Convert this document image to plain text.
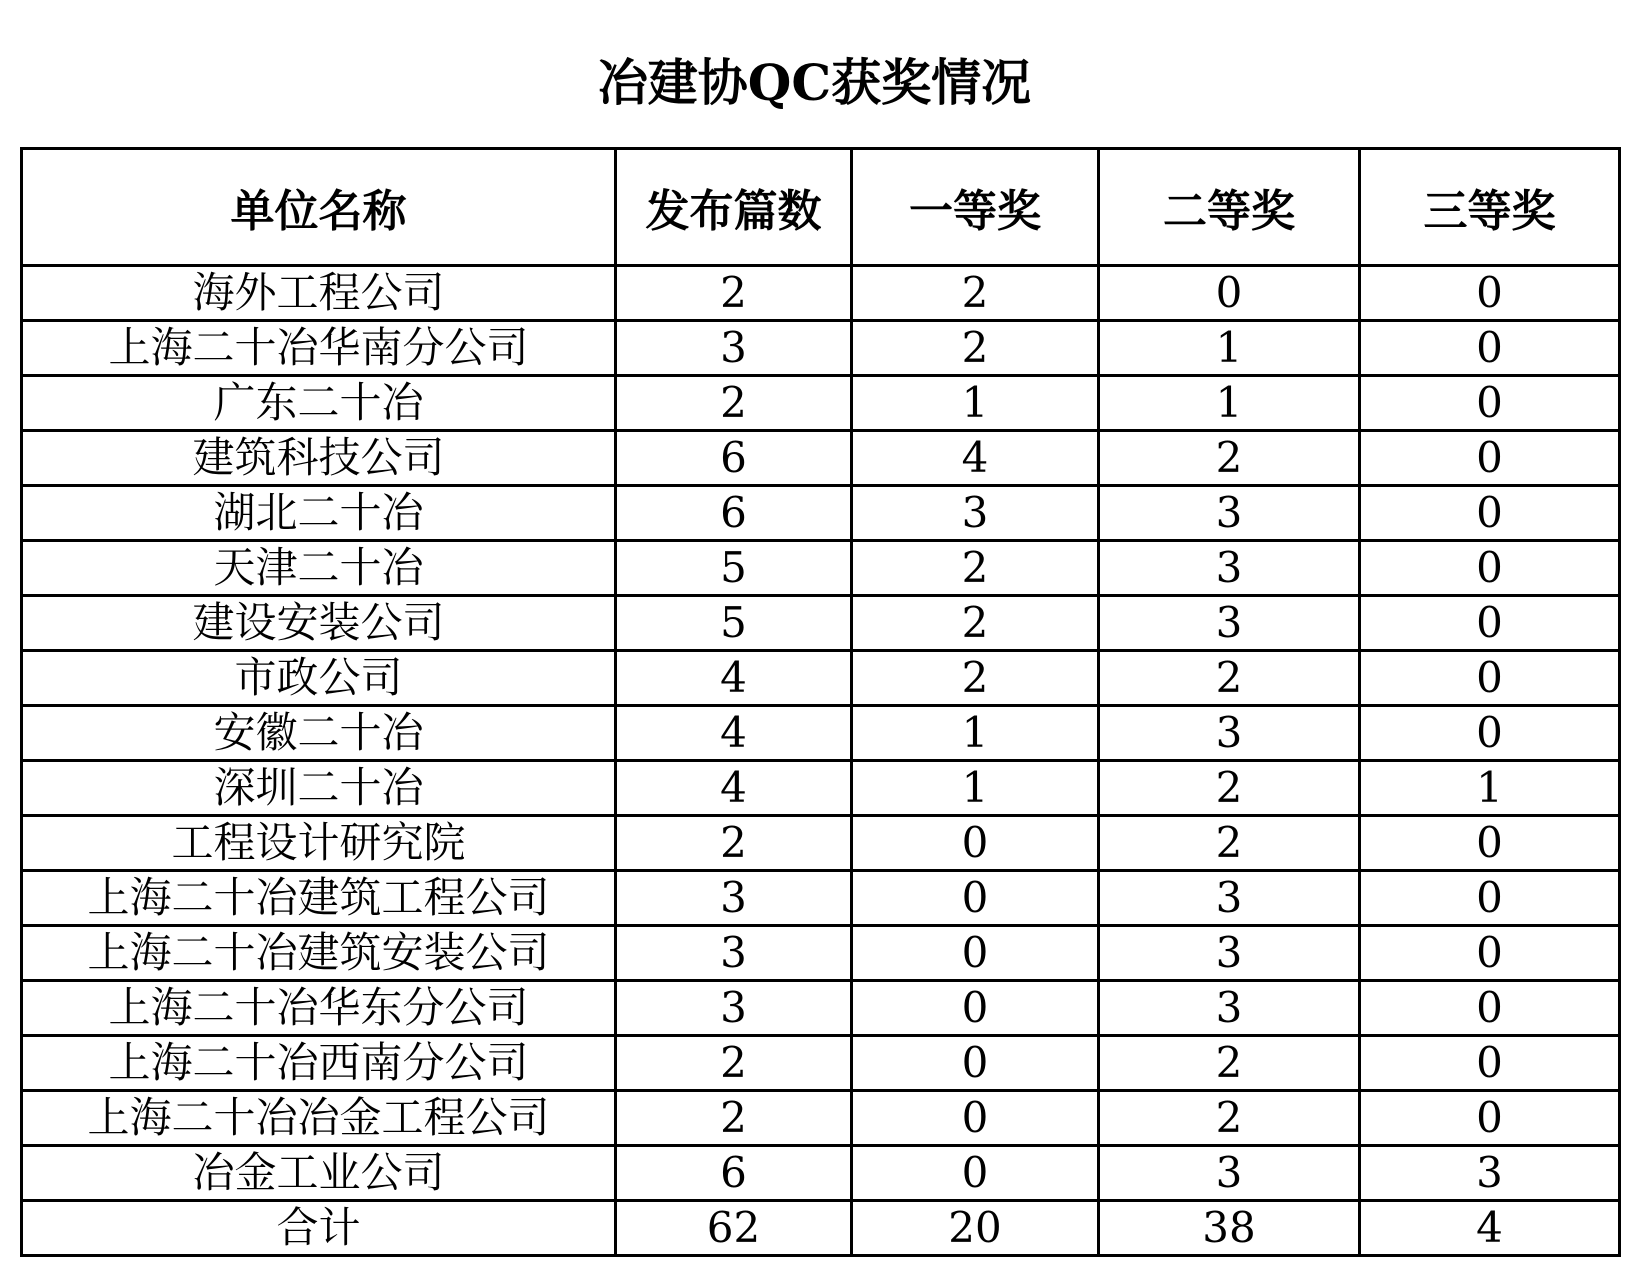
冶建协QC获奖情况
单位名称	发布篇数	一等奖	二等奖	三等奖
海外工程公司	2	2	0	0
上海二十冶华南分公司	3	2	1	0
广东二十冶	2	1	1	0
建筑科技公司	6	4	2	0
湖北二十冶	6	3	3	0
天津二十冶	5	2	3	0
建设安装公司	5	2	3	0
市政公司	4	2	2	0
安徽二十冶	4	1	3	0
深圳二十冶	4	1	2	1
工程设计研究院	2	0	2	0
上海二十冶建筑工程公司	3	0	3	0
上海二十冶建筑安装公司	3	0	3	0
上海二十冶华东分公司	3	0	3	0
上海二十冶西南分公司	2	0	2	0
上海二十冶冶金工程公司	2	0	2	0
冶金工业公司	6	0	3	3
合计	62	20	38	4
